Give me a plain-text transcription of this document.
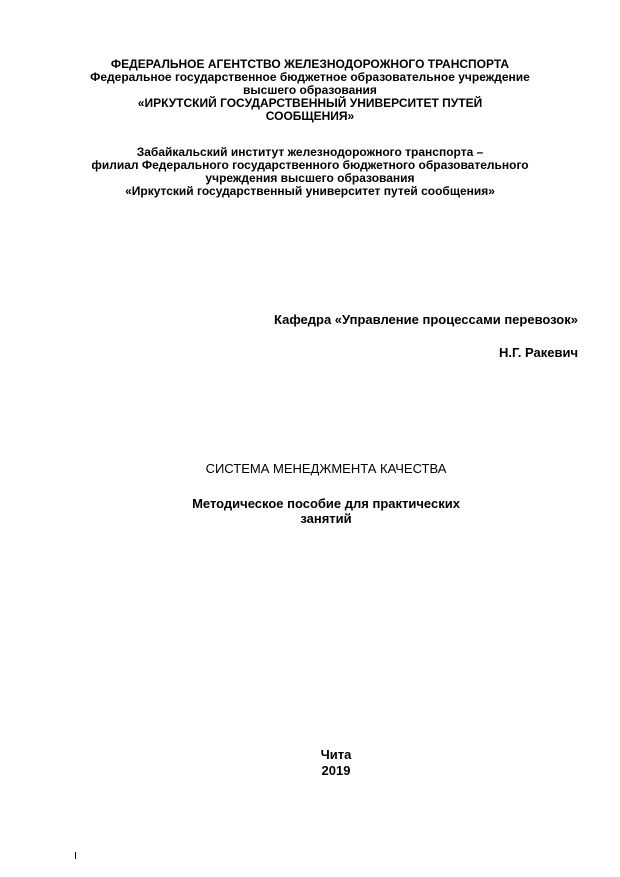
ФЕДЕРАЛЬНОЕ АГЕНТСТВО ЖЕЛЕЗНОДОРОЖНОГО ТРАНСПОРТА
Федеральное государственное бюджетное образовательное учреждение
высшего образования
«ИРКУТСКИЙ ГОСУДАРСТВЕННЫЙ УНИВЕРСИТЕТ ПУТЕЙ
СООБЩЕНИЯ»
Забайкальский институт железнодорожного транспорта –
филиал Федерального государственного бюджетного образовательного
учреждения высшего образования
«Иркутский государственный университет путей сообщения»
Кафедра «Управление процессами перевозок»
Н.Г. Ракевич
СИСТЕМА МЕНЕДЖМЕНТА КАЧЕСТВА
Методическое пособие для практических
занятий
Чита
2019
